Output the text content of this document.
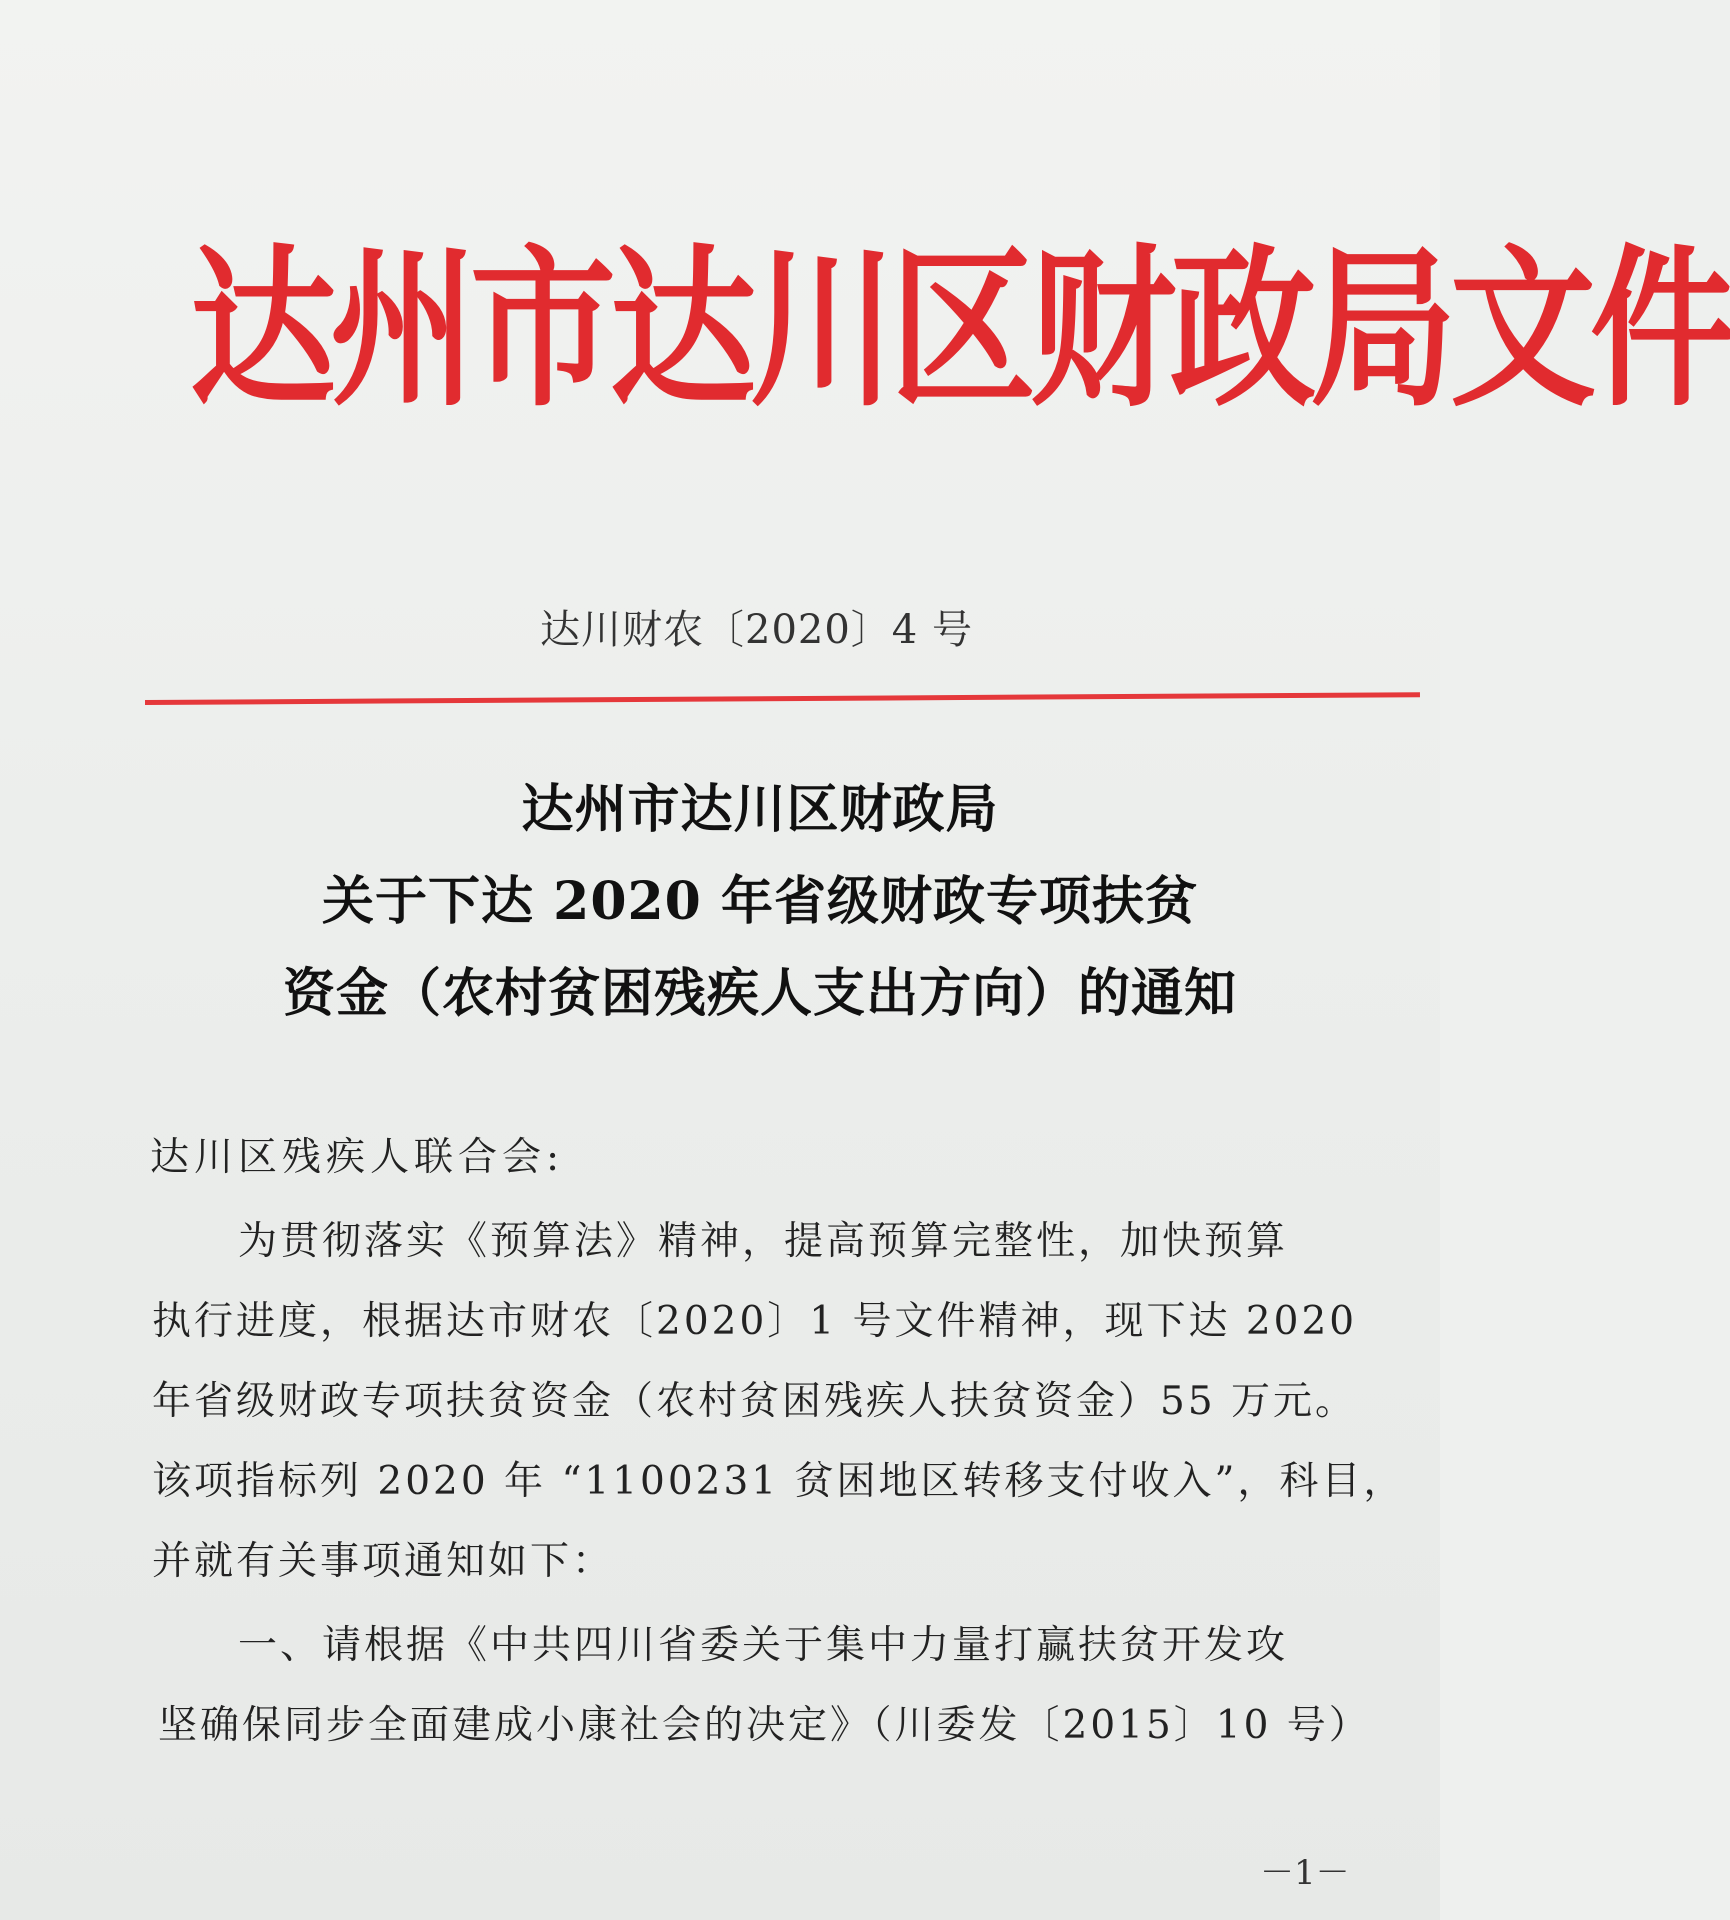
达州市达川区财政局文件
达川财农〔2020〕4 号
达州市达川区财政局
关于下达 2020 年省级财政专项扶贫
资金（农村贫困残疾人支出方向）的通知
达川区残疾人联合会:
为贯彻落实《预算法》精神，提高预算完整性，加快预算
执行进度，根据达市财农〔2020〕1 号文件精神，现下达 2020
年省级财政专项扶贫资金（农村贫困残疾人扶贫资金）55 万元。
该项指标列 2020 年 “1100231 贫困地区转移支付收入”，科目，
并就有关事项通知如下：
一、请根据《中共四川省委关于集中力量打赢扶贫开发攻
坚确保同步全面建成小康社会的决定》（川委发〔2015〕10 号）
－1－
